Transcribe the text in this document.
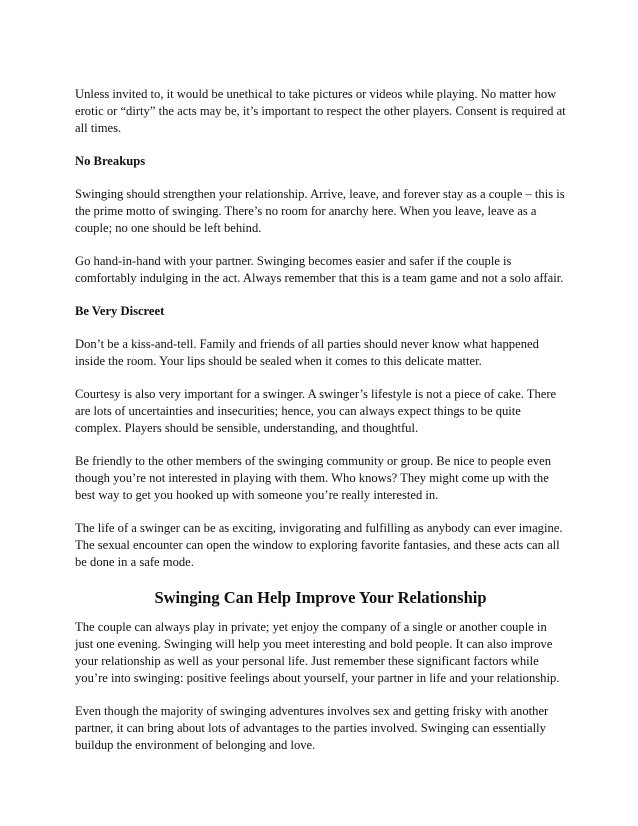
Unless invited to, it would be unethical to take pictures or videos while playing. No matter how erotic or “dirty” the acts may be, it’s important to respect the other players. Consent is required at all times.

No Breakups

Swinging should strengthen your relationship. Arrive, leave, and forever stay as a couple – this is the prime motto of swinging. There’s no room for anarchy here. When you leave, leave as a couple; no one should be left behind.

Go hand-in-hand with your partner. Swinging becomes easier and safer if the couple is comfortably indulging in the act. Always remember that this is a team game and not a solo affair.

Be Very Discreet

Don’t be a kiss-and-tell. Family and friends of all parties should never know what happened inside the room. Your lips should be sealed when it comes to this delicate matter.

Courtesy is also very important for a swinger. A swinger’s lifestyle is not a piece of cake. There are lots of uncertainties and insecurities; hence, you can always expect things to be quite complex. Players should be sensible, understanding, and thoughtful.

Be friendly to the other members of the swinging community or group. Be nice to people even though you’re not interested in playing with them. Who knows? They might come up with the best way to get you hooked up with someone you’re really interested in.

The life of a swinger can be as exciting, invigorating and fulfilling as anybody can ever imagine. The sexual encounter can open the window to exploring favorite fantasies, and these acts can all be done in a safe mode.

Swinging Can Help Improve Your Relationship

The couple can always play in private; yet enjoy the company of a single or another couple in just one evening. Swinging will help you meet interesting and bold people. It can also improve your relationship as well as your personal life. Just remember these significant factors while you’re into swinging: positive feelings about yourself, your partner in life and your relationship.

Even though the majority of swinging adventures involves sex and getting frisky with another partner, it can bring about lots of advantages to the parties involved. Swinging can essentially buildup the environment of belonging and love.
